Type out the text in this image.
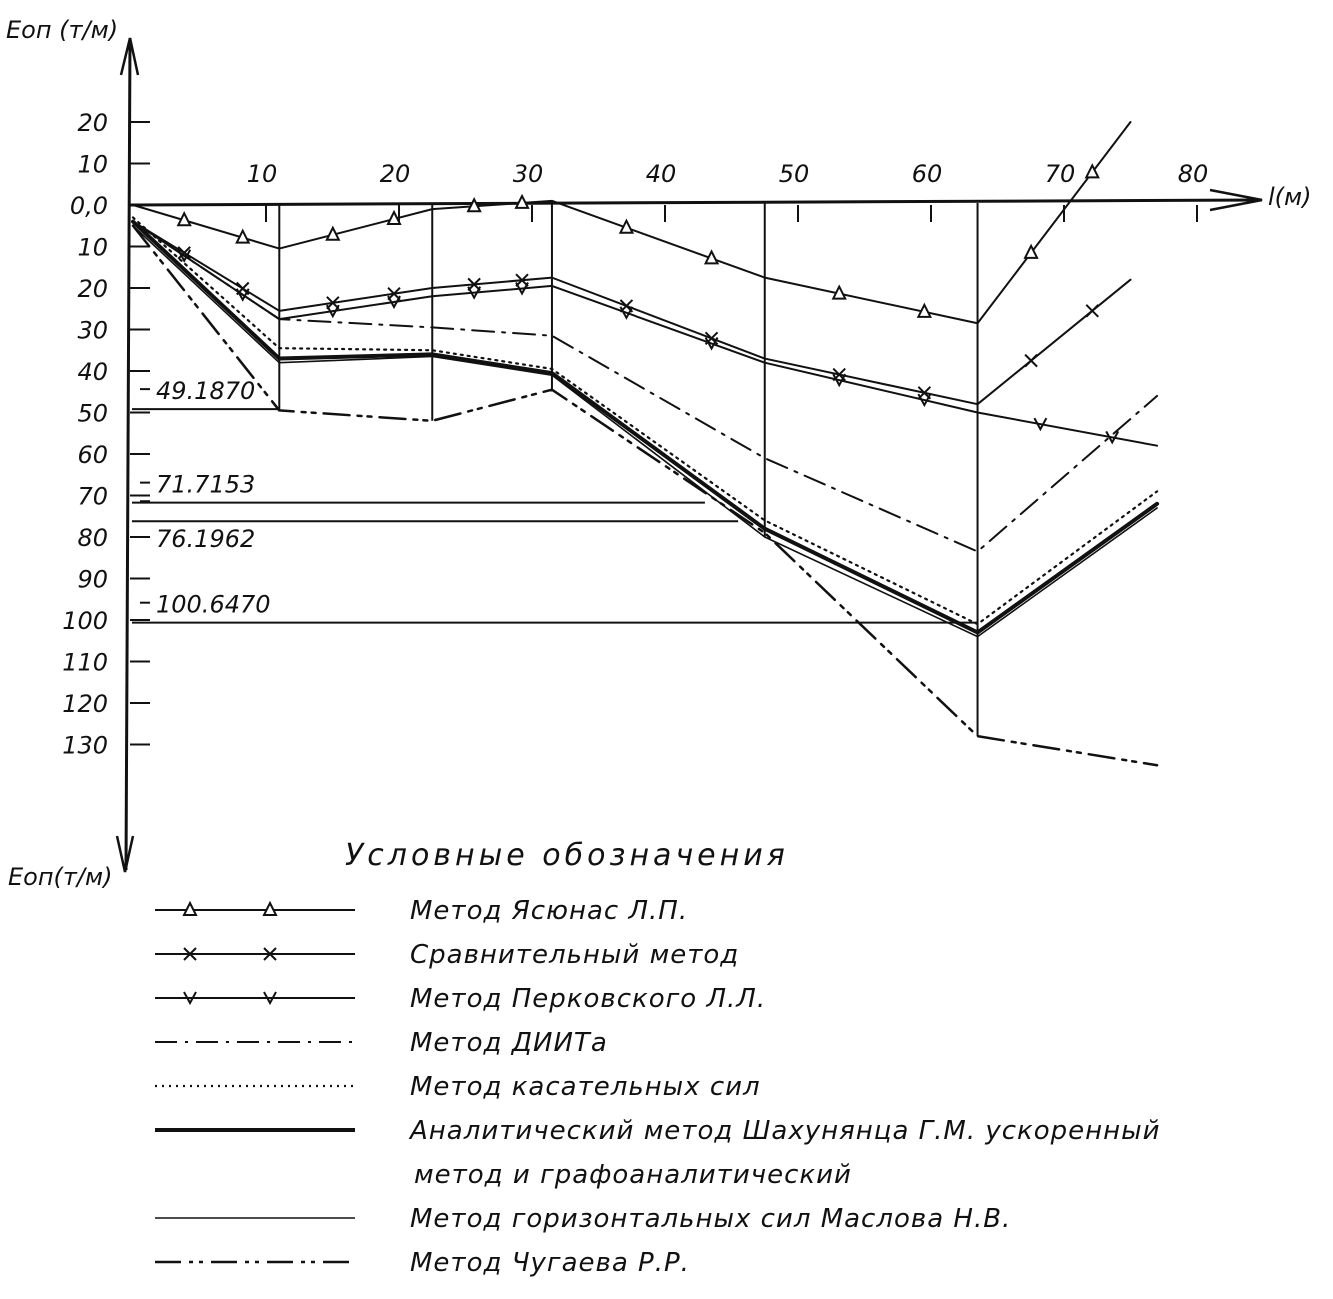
49.1870
71.7153
76.1962
100.6470
Eоп (т/м)
Eоп(т/м)
l(м)
20
10
0,0
10
20
30
40
50
60
70
80
90
100
110
120
130
10	20	30	40	50	60	70	80
Условные обозначения
Метод Ясюнас Л.П.
Сравнительный метод
Метод Перковского Л.Л.
Метод ДИИТа
Метод касательных сил
Аналитический метод Шахунянца Г.М. ускоренный
метод и графоаналитический
Метод горизонтальных сил Маслова Н.В.
Метод Чугаева Р.Р.
